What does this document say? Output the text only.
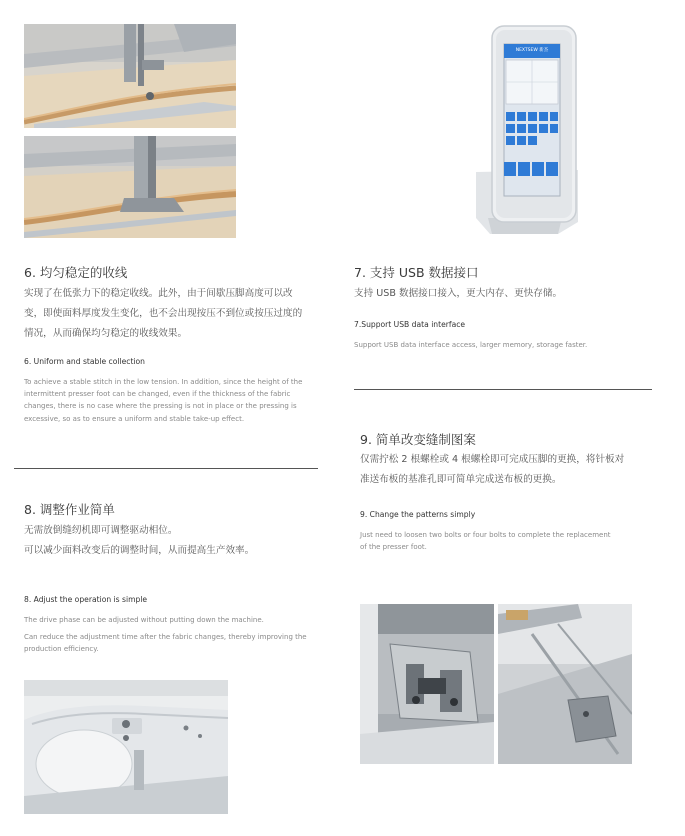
NEXTSEW 新杰
6. 均匀稳定的收线
实现了在低张力下的稳定收线。此外，由于间歇压脚高度可以改
变，即使面料厚度发生变化，也不会出现按压不到位或按压过度的
情况，从而确保均匀稳定的收线效果。
6. Uniform and stable collection
To achieve a stable stitch in the low tension. In addition, since the height of the
intermittent presser foot can be changed, even if the thickness of the fabric
changes, there is no case where the pressing is not in place or the pressing is
excessive, so as to ensure a uniform and stable take-up effect.
7. 支持 USB 数据接口
支持 USB 数据接口接入，更大内存、更快存储。
7.Support USB data interface
Support USB data interface access, larger memory, storage faster.
8. 调整作业简单
无需放倒缝纫机即可调整驱动相位。
可以减少面料改变后的调整时间，从而提高生产效率。
8. Adjust the operation is simple
The drive phase can be adjusted without putting down the machine.
Can reduce the adjustment time after the fabric changes, thereby improving the
production efficiency.
9. 简单改变缝制图案
仅需拧松 2 根螺栓或 4 根螺栓即可完成压脚的更换，将针板对
准送布板的基准孔即可简单完成送布板的更换。
9. Change the patterns simply
Just need to loosen two bolts or four bolts to complete the replacement
of the presser foot.
